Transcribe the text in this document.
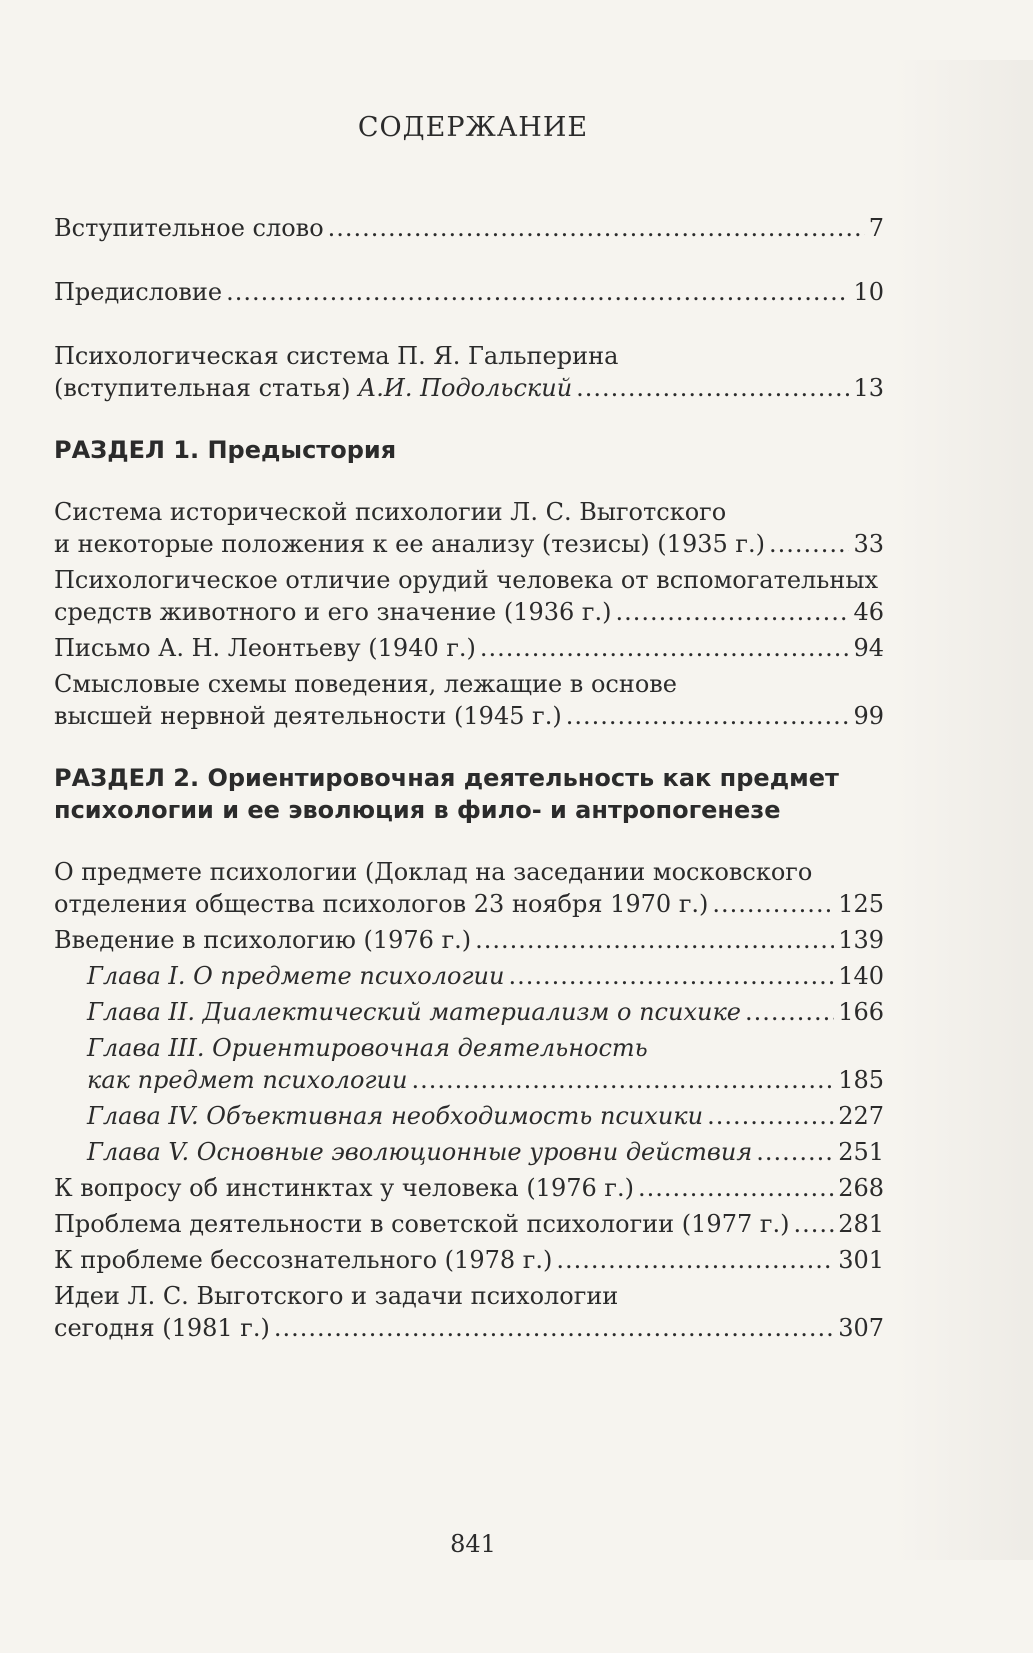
СОДЕРЖАНИЕ
Вступительное слово .....	7
Предисловие .....	10
Психологическая система П. Я. Гальперина
(вступительная статья) А.И. Подольский .....	13
РАЗДЕЛ 1. Предыстория
Система исторической психологии Л. С. Выготского
и некоторые положения к ее анализу (тезисы) (1935 г.) .....	33
Психологическое отличие орудий человека от вспомогательных
средств животного и его значение (1936 г.) .....	46
Письмо А. Н. Леонтьеву (1940 г.) .....	94
Смысловые схемы поведения, лежащие в основе
высшей нервной деятельности (1945 г.) .....	99
РАЗДЕЛ 2. Ориентировочная деятельность как предмет
психологии и ее эволюция в фило- и антропогенезе
О предмете психологии (Доклад на заседании московского
отделения общества психологов 23 ноября 1970 г.) .....	125
Введение в психологию (1976 г.) .....	139
Глава I. О предмете психологии .....	140
Глава II. Диалектический материализм о психике .....	166
Глава III. Ориентировочная деятельность
как предмет психологии .....	185
Глава IV. Объективная необходимость психики .....	227
Глава V. Основные эволюционные уровни действия .....	251
К вопросу об инстинктах у человека (1976 г.) .....	268
Проблема деятельности в советской психологии (1977 г.) ..... 281
К проблеме бессознательного (1978 г.) .....	301
Идеи Л. С. Выготского и задачи психологии
сегодня (1981 г.) .....	307
841
